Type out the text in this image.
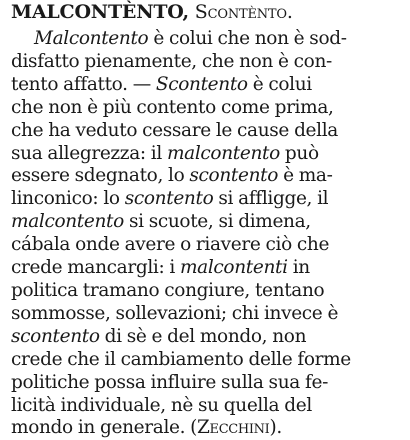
MALCONTÈNTO, Scontènto.
Malcontento è colui che non è sod-
disfatto pienamente, che non è con-
tento affatto. — Scontento è colui
che non è più contento come prima,
che ha veduto cessare le cause della
sua allegrezza: il malcontento può
essere sdegnato, lo scontento è ma-
linconico: lo scontento si affligge, il
malcontento si scuote, si dimena,
cábala onde avere o riavere ciò che
crede mancargli: i malcontenti in
politica tramano congiure, tentano
sommosse, sollevazioni; chi invece è
scontento di sè e del mondo, non
crede che il cambiamento delle forme
politiche possa influire sulla sua fe-
licità individuale, nè su quella del
mondo in generale. (Zecchini).
